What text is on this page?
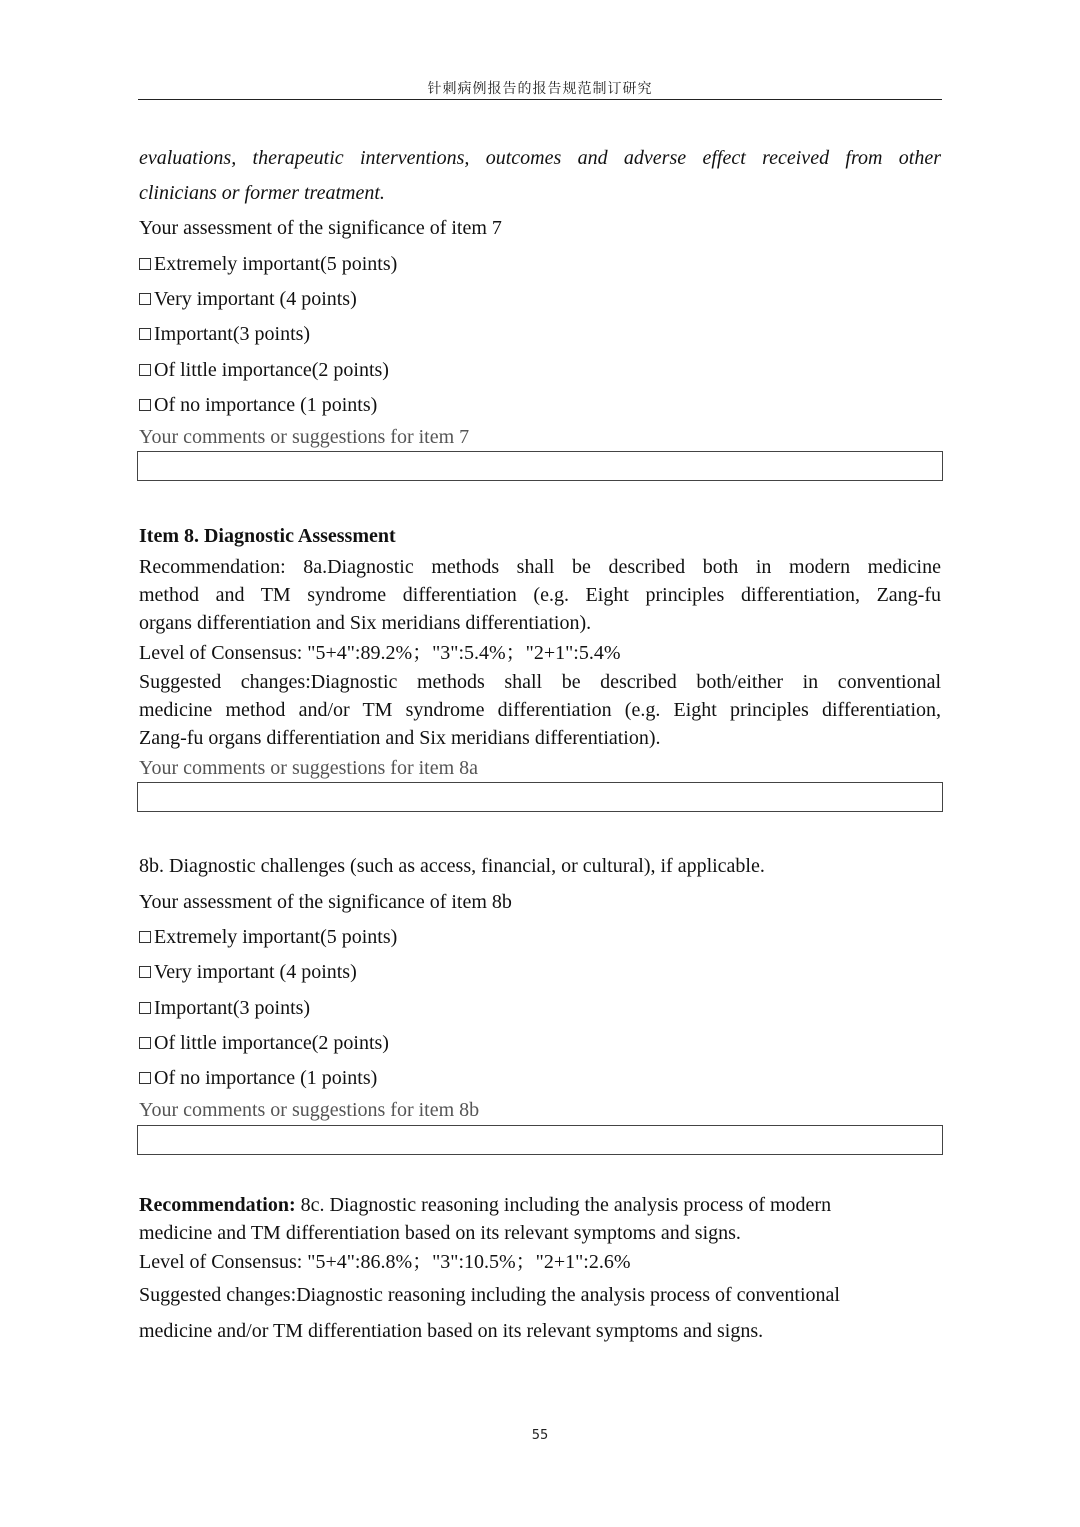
针刺病例报告的报告规范制订研究
evaluations, therapeutic interventions, outcomes and adverse effect received from other
clinicians or former treatment.
Your assessment of the significance of item 7
Extremely important(5 points)
Very important (4 points)
Important(3 points)
Of little importance(2 points)
Of no importance (1 points)
Your comments or suggestions for item 7
Item 8. Diagnostic Assessment
Recommendation: 8a.Diagnostic methods shall be described both in modern medicine
method and TM syndrome differentiation (e.g. Eight principles differentiation, Zang-fu
organs differentiation and Six meridians differentiation).
Level of Consensus: "5+4":89.2%；"3":5.4%；"2+1":5.4%
Suggested changes:Diagnostic methods shall be described both/either in conventional
medicine method and/or TM syndrome differentiation (e.g. Eight principles differentiation,
Zang-fu organs differentiation and Six meridians differentiation).
Your comments or suggestions for item 8a
8b. Diagnostic challenges (such as access, financial, or cultural), if applicable.
Your assessment of the significance of item 8b
Extremely important(5 points)
Very important (4 points)
Important(3 points)
Of little importance(2 points)
Of no importance (1 points)
Your comments or suggestions for item 8b
Recommendation: 8c. Diagnostic reasoning including the analysis process of modern
medicine and TM differentiation based on its relevant symptoms and signs.
Level of Consensus: "5+4":86.8%；"3":10.5%；"2+1":2.6%
Suggested changes:Diagnostic reasoning including the analysis process of conventional
medicine and/or TM differentiation based on its relevant symptoms and signs.
55
